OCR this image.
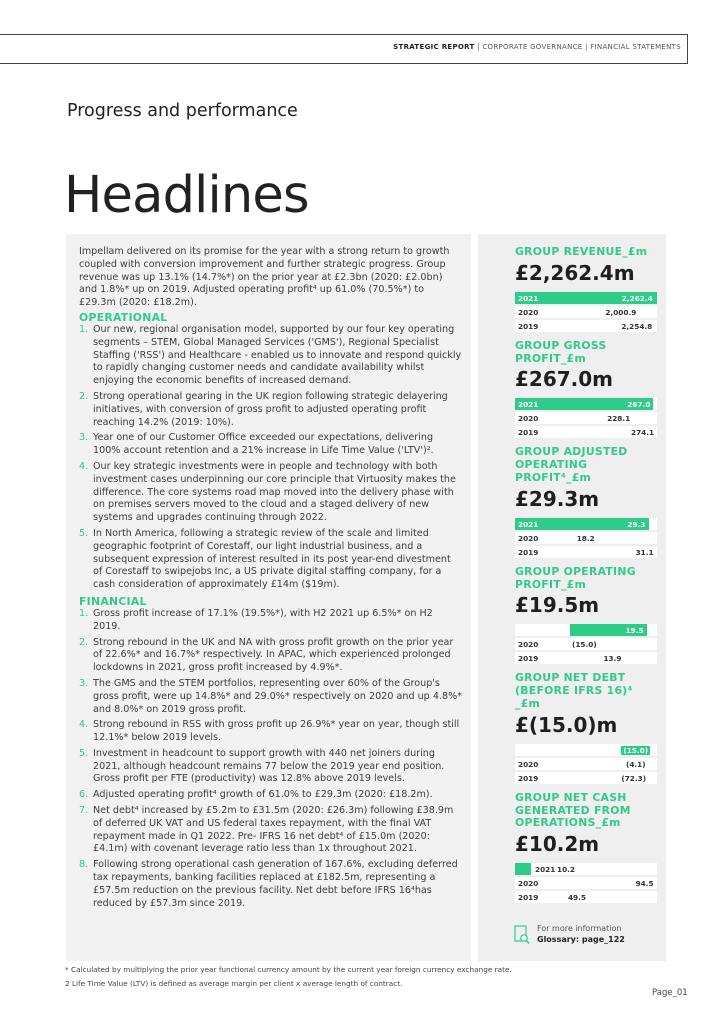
STRATEGIC REPORT | CORPORATE GOVERNANCE | FINANCIAL STATEMENTS
Progress and performance
Headlines

Impellam delivered on its promise for the year with a strong return to growth coupled with conversion improvement and further strategic progress. Group revenue was up 13.1% (14.7%*) on the prior year at £2.3bn (2020: £2.0bn) and 1.8%* up on 2019. Adjusted operating profit⁴ up 61.0% (70.5%*) to £29.3m (2020: £18.2m).

OPERATIONAL
1. Our new, regional organisation model, supported by our four key operating segments – STEM, Global Managed Services ('GMS'), Regional Specialist Staffing ('RSS') and Healthcare - enabled us to innovate and respond quickly to rapidly changing customer needs and candidate availability whilst enjoying the economic benefits of increased demand.
2. Strong operational gearing in the UK region following strategic delayering initiatives, with conversion of gross profit to adjusted operating profit reaching 14.2% (2019: 10%).
3. Year one of our Customer Office exceeded our expectations, delivering 100% account retention and a 21% increase in Life Time Value ('LTV')².
4. Our key strategic investments were in people and technology with both investment cases underpinning our core principle that Virtuosity makes the difference. The core systems road map moved into the delivery phase with on premises servers moved to the cloud and a staged delivery of new systems and upgrades continuing through 2022.
5. In North America, following a strategic review of the scale and limited geographic footprint of Corestaff, our light industrial business, and a subsequent expression of interest resulted in its post year-end divestment of Corestaff to swipejobs Inc, a US private digital staffing company, for a cash consideration of approximately £14m ($19m).
FINANCIAL
1. Gross profit increase of 17.1% (19.5%*), with H2 2021 up 6.5%* on H2 2019.
2. Strong rebound in the UK and NA with gross profit growth on the prior year of 22.6%* and 16.7%* respectively. In APAC, which experienced prolonged lockdowns in 2021, gross profit increased by 4.9%*.
3. The GMS and the STEM portfolios, representing over 60% of the Group's gross profit, were up 14.8%* and 29.0%* respectively on 2020 and up 4.8%* and 8.0%* on 2019 gross profit.
4. Strong rebound in RSS with gross profit up 26.9%* year on year, though still 12.1%* below 2019 levels.
5. Investment in headcount to support growth with 440 net joiners during 2021, although headcount remains 77 below the 2019 year end position. Gross profit per FTE (productivity) was 12.8% above 2019 levels.
6. Adjusted operating profit⁴ growth of 61.0% to £29.3m (2020: £18.2m).
7. Net debt⁴ increased by £5.2m to £31.5m (2020: £26.3m) following £38.9m of deferred UK VAT and US federal taxes repayment, with the final VAT repayment made in Q1 2022. Pre- IFRS 16 net debt⁴ of £15.0m (2020: £4.1m) with covenant leverage ratio less than 1x throughout 2021.
8. Following strong operational cash generation of 167.6%, excluding deferred tax repayments, banking facilities replaced at £182.5m, representing a £57.5m reduction on the previous facility. Net debt before IFRS 16⁴has reduced by £57.3m since 2019.
GROUP REVENUE_£m
£2,262.4m
2021	2,262.4
2020	2,000.9
2019	2,254.8
GROUP GROSS PROFIT_£m
£267.0m
2021	267.0
2020	228.1
2019	274.1
GROUP ADJUSTED OPERATING PROFIT⁴_£m
£29.3m
2021	29.3
2020	18.2
2019	31.1
GROUP OPERATING PROFIT_£m
£19.5m
2021	19.5
2020	(15.0)
2019	13.9
GROUP NET DEBT (BEFORE IFRS 16)⁴ _£m
£(15.0)m
2021	(15.0)
2020	(4.1)
2019	(72.3)
GROUP NET CASH GENERATED FROM OPERATIONS_£m
£10.2m
2021 10.2
2020	94.5
2019	49.5
For more information
Glossary: page_122
* Calculated by multiplying the prior year functional currency amount by the current year foreign currency exchange rate.
2 Life Time Value (LTV) is defined as average margin per client x average length of contract.
Page_01
